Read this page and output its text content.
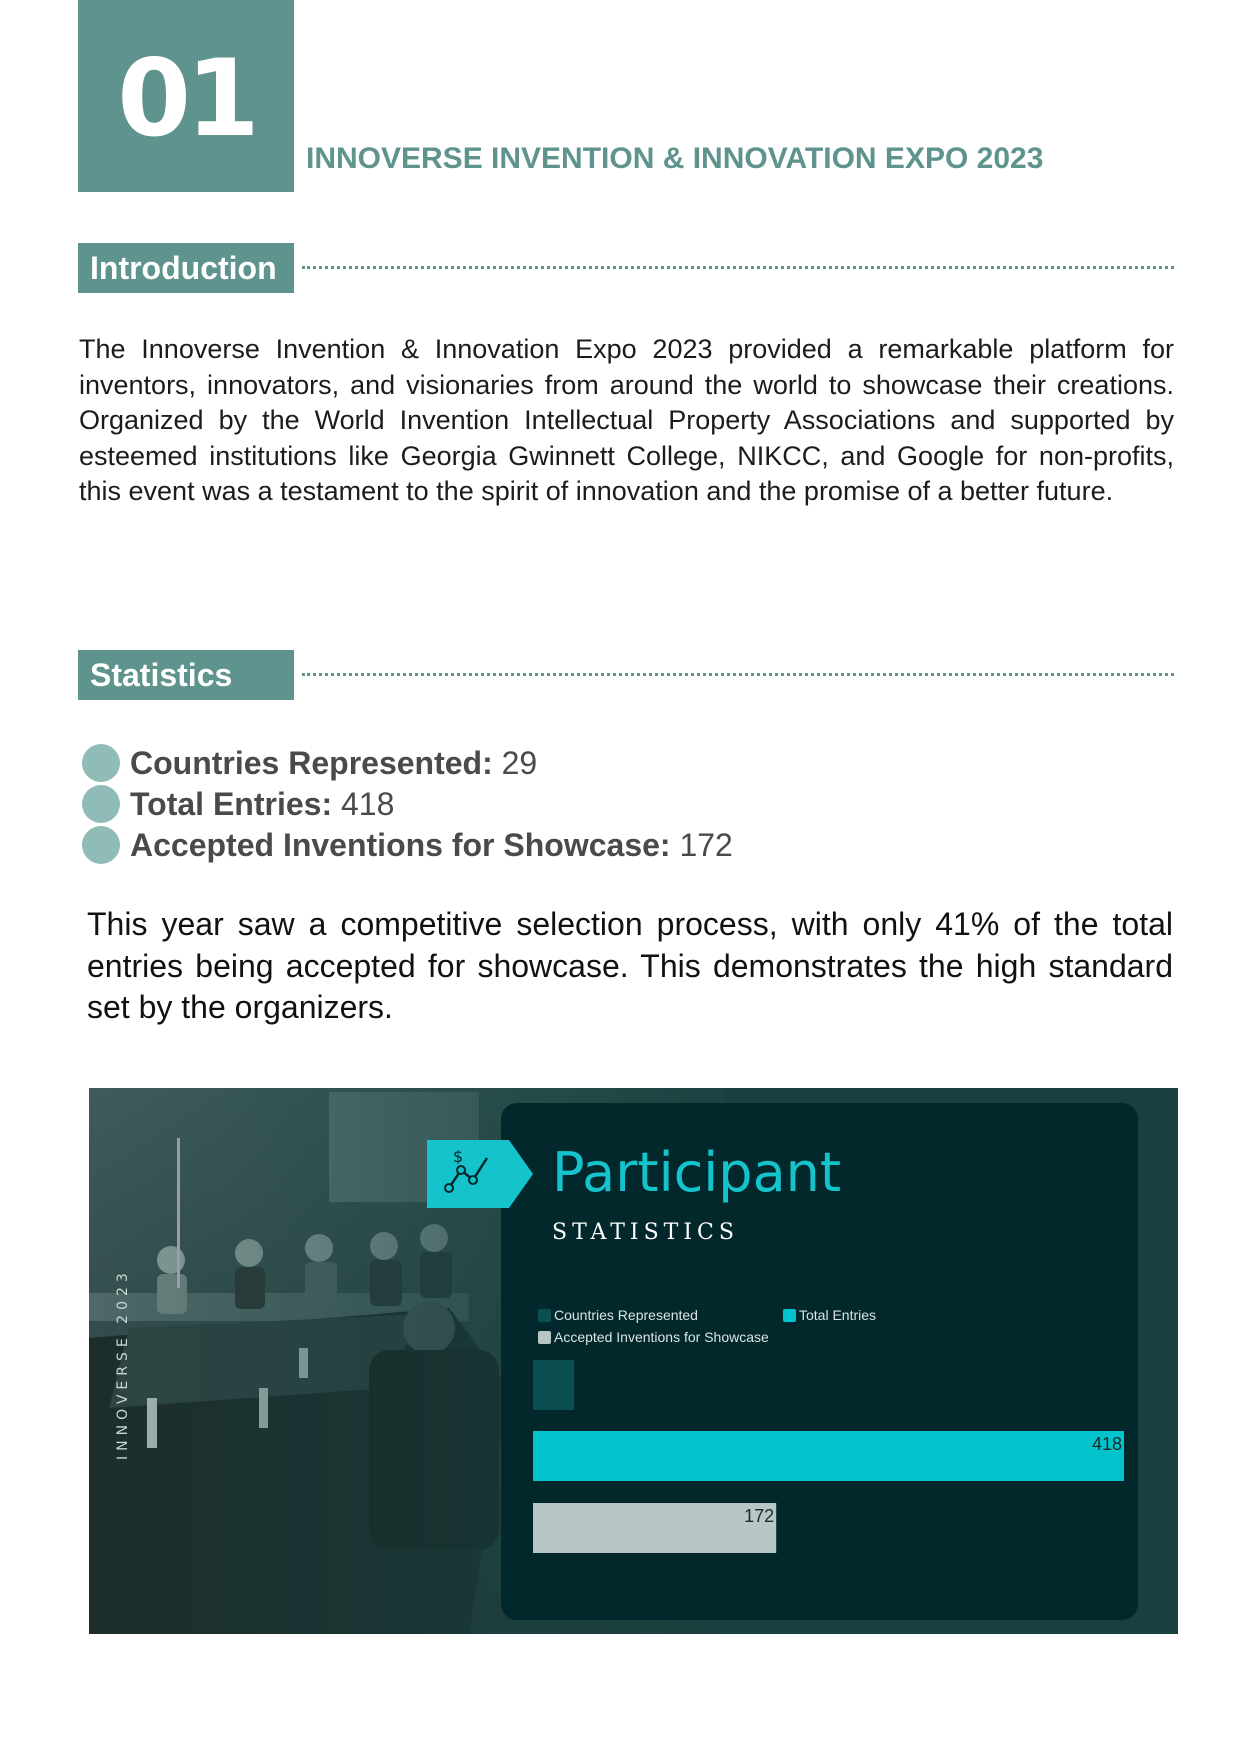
01	INNOVERSE INVENTION & INNOVATION EXPO 2023
Introduction

The Innoverse Invention & Innovation Expo 2023 provided a remarkable platform for inventors, innovators, and visionaries from around the world to showcase their creations. Organized by the World Invention Intellectual Property Associations and supported by esteemed institutions like Georgia Gwinnett College, NIKCC, and Google for non-profits, this event was a testament to the spirit of innovation and the promise of a better future.

Statistics
Countries Represented: 29
Total Entries: 418
Accepted Inventions for Showcase: 172

This year saw a competitive selection process, with only 41% of the total entries being accepted for showcase. This demonstrates the high standard set by the organizers.

INNOVERSE 2023
$ Participant
STATISTICS
Countries Represented	Total Entries
Accepted Inventions for Showcase
418
172
